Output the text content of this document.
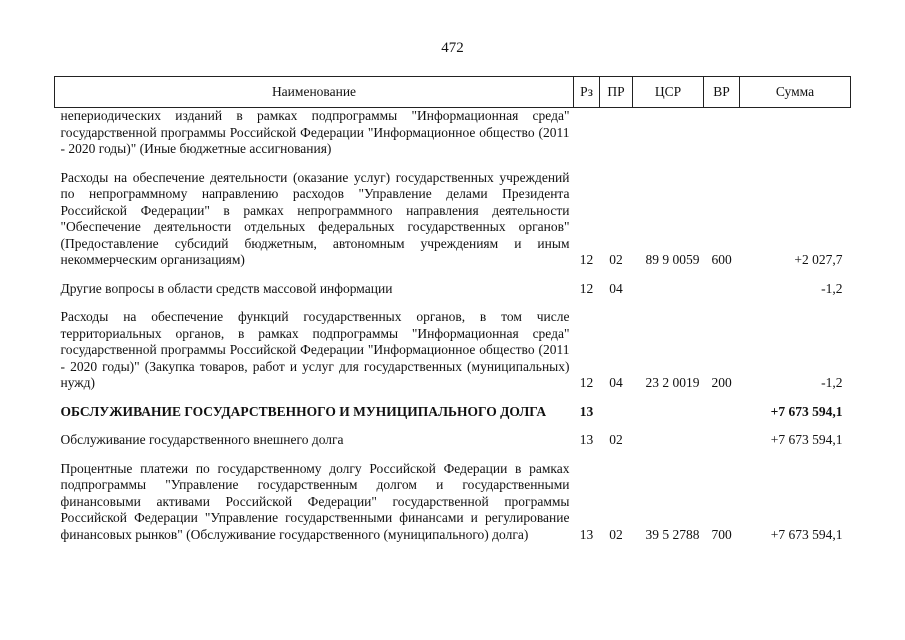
472
Наименование	Рз	ПР	ЦСР	ВР	Сумма
непериодических изданий в рамках подпрограммы "Информационная среда" государственной программы Российской Федерации "Информационное общество (2011 - 2020 годы)" (Иные бюджетные ассигнования)					

Расходы на обеспечение деятельности (оказание услуг) государственных учреждений по непрограммному направлению расходов "Управление делами Президента Российской Федерации" в рамках непрограммного направления деятельности "Обеспечение деятельности отдельных федеральных государственных органов" (Предоставление субсидий бюджетным, автономным учреждениям и иным некоммерческим организациям)	12	02	89 9 0059	600	+2 027,7

Другие вопросы в области средств массовой информации	12	04			-1,2

Расходы на обеспечение функций государственных органов, в том числе территориальных органов, в рамках подпрограммы "Информационная среда" государственной программы Российской Федерации "Информационное общество (2011 - 2020 годы)" (Закупка товаров, работ и услуг для государственных (муниципальных) нужд)	12	04	23 2 0019	200	-1,2

ОБСЛУЖИВАНИЕ ГОСУДАРСТВЕННОГО И МУНИЦИПАЛЬНОГО ДОЛГА	13				+7 673 594,1

Обслуживание государственного внешнего долга	13	02			+7 673 594,1

Процентные платежи по государственному долгу Российской Федерации в рамках подпрограммы "Управление государственным долгом и государственными финансовыми активами Российской Федерации" государственной программы Российской Федерации "Управление государственными финансами и регулирование финансовых рынков" (Обслуживание государственного (муниципального) долга)	13	02	39 5 2788	700	+7 673 594,1
